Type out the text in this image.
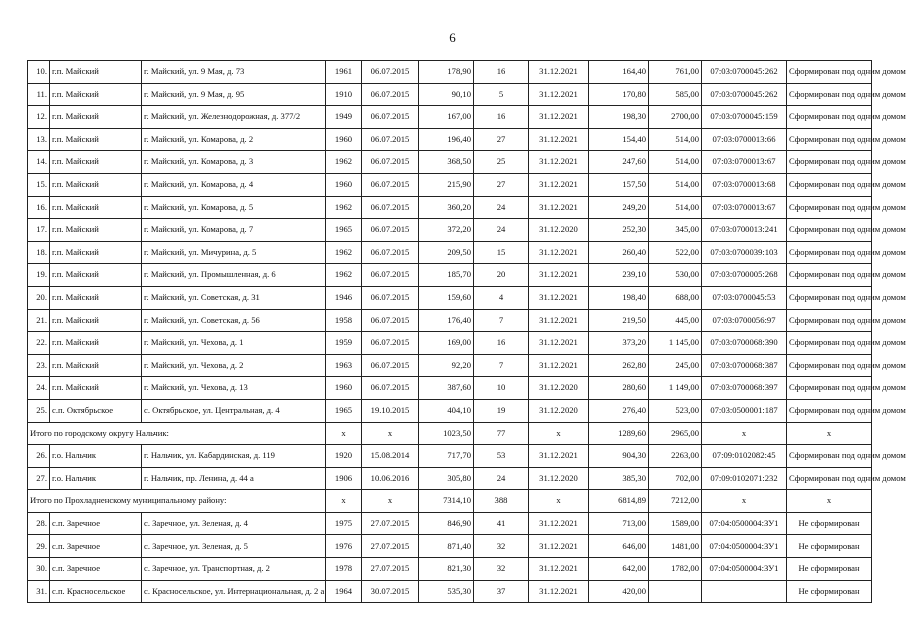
6
10.	г.п. Майский	г. Майский, ул. 9 Мая, д. 73	1961	06.07.2015	178,90	16	31.12.2021	164,40	761,00	07:03:0700045:262	Сформирован под одним домом
11.	г.п. Майский	г. Майский, ул. 9 Мая, д. 95	1910	06.07.2015	90,10	5	31.12.2021	170,80	585,00	07:03:0700045:262	Сформирован под одним домом
12.	г.п. Майский	г. Майский, ул. Железнодорожная, д. 377/2	1949	06.07.2015	167,00	16	31.12.2021	198,30	2700,00	07:03:0700045:159	Сформирован под одним домом
13.	г.п. Майский	г. Майский, ул. Комарова, д. 2	1960	06.07.2015	196,40	27	31.12.2021	154,40	514,00	07:03:0700013:66	Сформирован под одним домом
14.	г.п. Майский	г. Майский, ул. Комарова, д. 3	1962	06.07.2015	368,50	25	31.12.2021	247,60	514,00	07:03:0700013:67	Сформирован под одним домом
15.	г.п. Майский	г. Майский, ул. Комарова, д. 4	1960	06.07.2015	215,90	27	31.12.2021	157,50	514,00	07:03:0700013:68	Сформирован под одним домом
16.	г.п. Майский	г. Майский, ул. Комарова, д. 5	1962	06.07.2015	360,20	24	31.12.2021	249,20	514,00	07:03:0700013:67	Сформирован под одним домом
17.	г.п. Майский	г. Майский, ул. Комарова, д. 7	1965	06.07.2015	372,20	24	31.12.2020	252,30	345,00	07:03:0700013:241	Сформирован под одним домом
18.	г.п. Майский	г. Майский, ул. Мичурина, д. 5	1962	06.07.2015	209,50	15	31.12.2021	260,40	522,00	07:03:0700039:103	Сформирован под одним домом
19.	г.п. Майский	г. Майский, ул. Промышленная, д. 6	1962	06.07.2015	185,70	20	31.12.2021	239,10	530,00	07:03:0700005:268	Сформирован под одним домом
20.	г.п. Майский	г. Майский, ул. Советская, д. 31	1946	06.07.2015	159,60	4	31.12.2021	198,40	688,00	07:03:0700045:53	Сформирован под одним домом
21.	г.п. Майский	г. Майский, ул. Советская, д. 56	1958	06.07.2015	176,40	7	31.12.2021	219,50	445,00	07:03:0700056:97	Сформирован под одним домом
22.	г.п. Майский	г. Майский, ул. Чехова, д. 1	1959	06.07.2015	169,00	16	31.12.2021	373,20	1 145,00	07:03:0700068:390	Сформирован под одним домом
23.	г.п. Майский	г. Майский, ул. Чехова, д. 2	1963	06.07.2015	92,20	7	31.12.2021	262,80	245,00	07:03:0700068:387	Сформирован под одним домом
24.	г.п. Майский	г. Майский, ул. Чехова, д. 13	1960	06.07.2015	387,60	10	31.12.2020	280,60	1 149,00	07:03:0700068:397	Сформирован под одним домом
25.	с.п. Октябрьское	с. Октябрьское, ул. Центральная, д. 4	1965	19.10.2015	404,10	19	31.12.2020	276,40	523,00	07:03:0500001:187	Сформирован под одним домом
Итого по городскому округу Нальчик:			x	x	1023,50	77	x	1289,60	2965,00	x	x
26.	г.о. Нальчик	г. Нальчик, ул. Кабардинская, д. 119	1920	15.08.2014	717,70	53	31.12.2021	904,30	2263,00	07:09:0102082:45	Сформирован под одним домом
27.	г.о. Нальчик	г. Нальчик, пр. Ленина, д. 44 а	1906	10.06.2016	305,80	24	31.12.2020	385,30	702,00	07:09:0102071:232	Сформирован под одним домом
Итого по Прохладненскому муниципальному району:			x	x	7314,10	388	x	6814,89	7212,00	x	x
28.	с.п. Заречное	с. Заречное, ул. Зеленая, д. 4	1975	27.07.2015	846,90	41	31.12.2021	713,00	1589,00	07:04:0500004:ЗУ1	Не сформирован
29.	с.п. Заречное	с. Заречное, ул. Зеленая, д. 5	1976	27.07.2015	871,40	32	31.12.2021	646,00	1481,00	07:04:0500004:ЗУ1	Не сформирован
30.	с.п. Заречное	с. Заречное, ул. Транспортная, д. 2	1978	27.07.2015	821,30	32	31.12.2021	642,00	1782,00	07:04:0500004:ЗУ1	Не сформирован
31.	с.п. Красносельское	с. Красносельское, ул. Интернациональная, д. 2 а	1964	30.07.2015	535,30	37	31.12.2021	420,00			Не сформирован
